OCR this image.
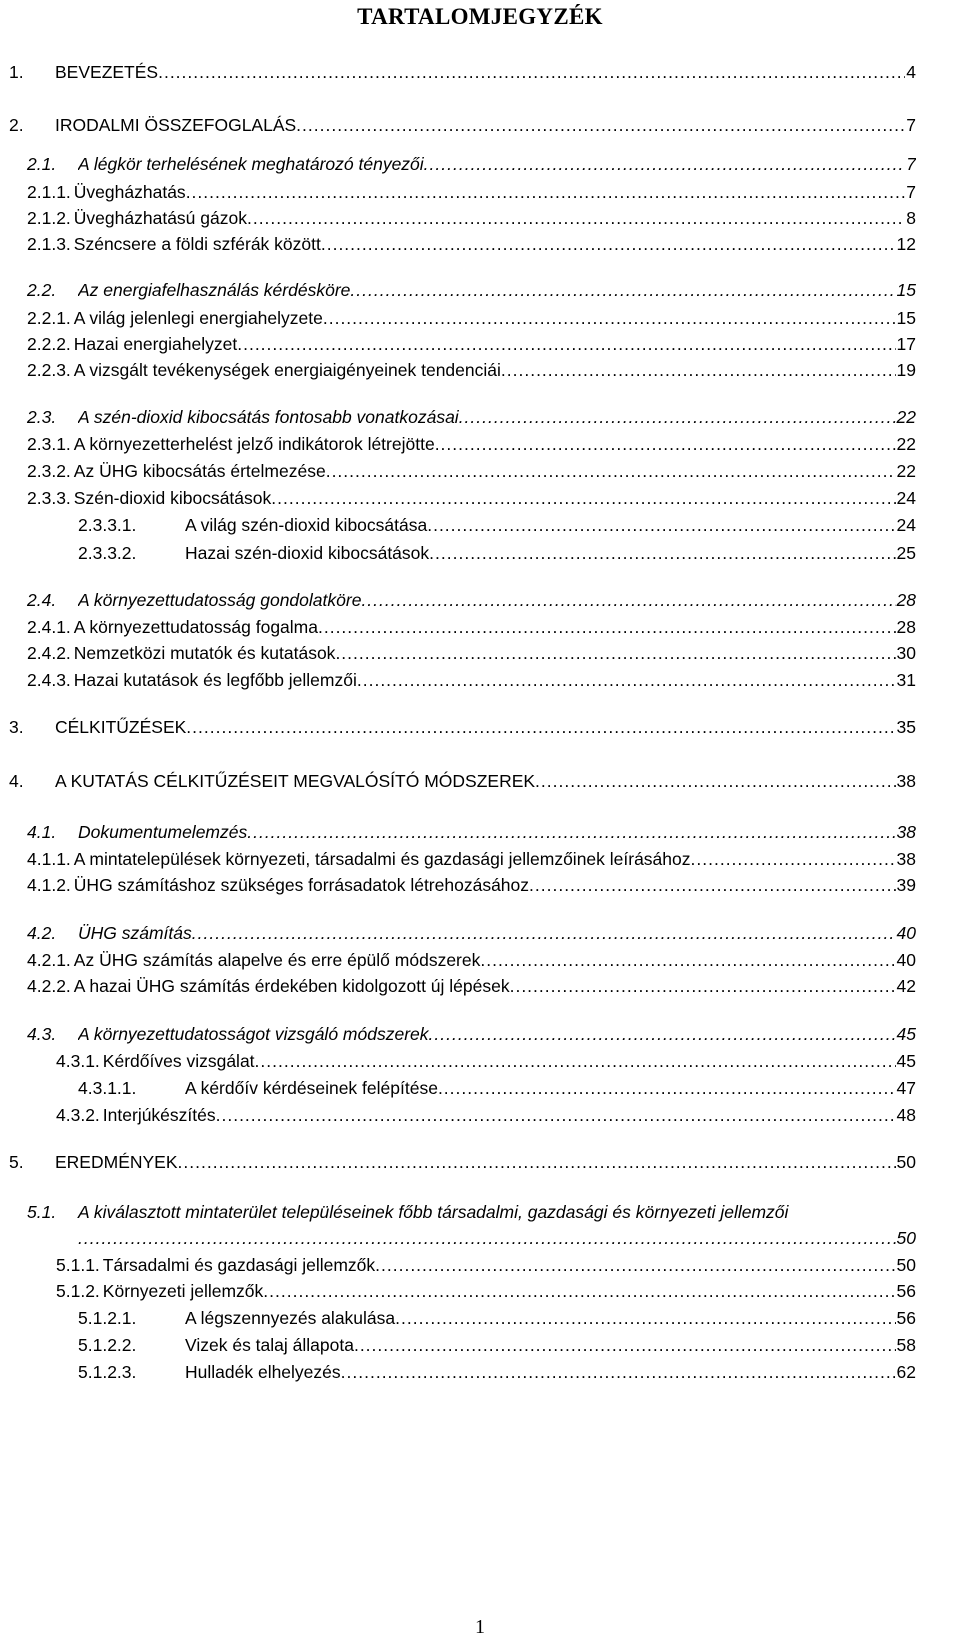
TARTALOMJEGYZÉK
1. BEVEZETÉS .....	4
2. IRODALMI ÖSSZEFOGLALÁS .....	7
2.1. A légkör terhelésének meghatározó tényezői .....	7
2.1.1. Üvegházhatás .....	7
2.1.2. Üvegházhatású gázok .....	8
2.1.3. Széncsere a földi szférák között .....	12
2.2. Az energiafelhasználás kérdésköre .....	15
2.2.1. A világ jelenlegi energiahelyzete .....	15
2.2.2. Hazai energiahelyzet .....	17
2.2.3. A vizsgált tevékenységek energiaigényeinek tendenciái .....	19
2.3. A szén-dioxid kibocsátás fontosabb vonatkozásai .....	22
2.3.1. A környezetterhelést jelző indikátorok létrejötte .....	22
2.3.2. Az ÜHG kibocsátás értelmezése .....	22
2.3.3. Szén-dioxid kibocsátások .....	24
2.3.3.1.	A világ szén-dioxid kibocsátása .....	24
2.3.3.2.	Hazai szén-dioxid kibocsátások .....	25
2.4. A környezettudatosság gondolatköre .....	28
2.4.1. A környezettudatosság fogalma .....	28
2.4.2. Nemzetközi mutatók és kutatások .....	30
2.4.3. Hazai kutatások és legfőbb jellemzői .....	31
3. CÉLKITŰZÉSEK .....	35
4. A KUTATÁS CÉLKITŰZÉSEIT MEGVALÓSÍTÓ MÓDSZEREK .....	38
4.1. Dokumentumelemzés .....	38
4.1.1. A mintatelepülések környezeti, társadalmi és gazdasági jellemzőinek leírásához .....	38
4.1.2. ÜHG számításhoz szükséges forrásadatok létrehozásához .....	39
4.2. ÜHG számítás .....	40
4.2.1. Az ÜHG számítás alapelve és erre épülő módszerek .....	40
4.2.2. A hazai ÜHG számítás érdekében kidolgozott új lépések .....	42
4.3. A környezettudatosságot vizsgáló módszerek .....	45
4.3.1. Kérdőíves vizsgálat .....	45
4.3.1.1.	A kérdőív kérdéseinek felépítése .....	47
4.3.2. Interjúkészítés .....	48
5. EREDMÉNYEK .....	50
5.1. A kiválasztott mintaterület településeinek főbb társadalmi, gazdasági és környezeti jellemzői
.....
50
5.1.1. Társadalmi és gazdasági jellemzők .....	50
5.1.2. Környezeti jellemzők .....	56
5.1.2.1.	A légszennyezés alakulása .....	56
5.1.2.2.	Vizek és talaj állapota .....	58
5.1.2.3.	Hulladék elhelyezés .....	62
1
